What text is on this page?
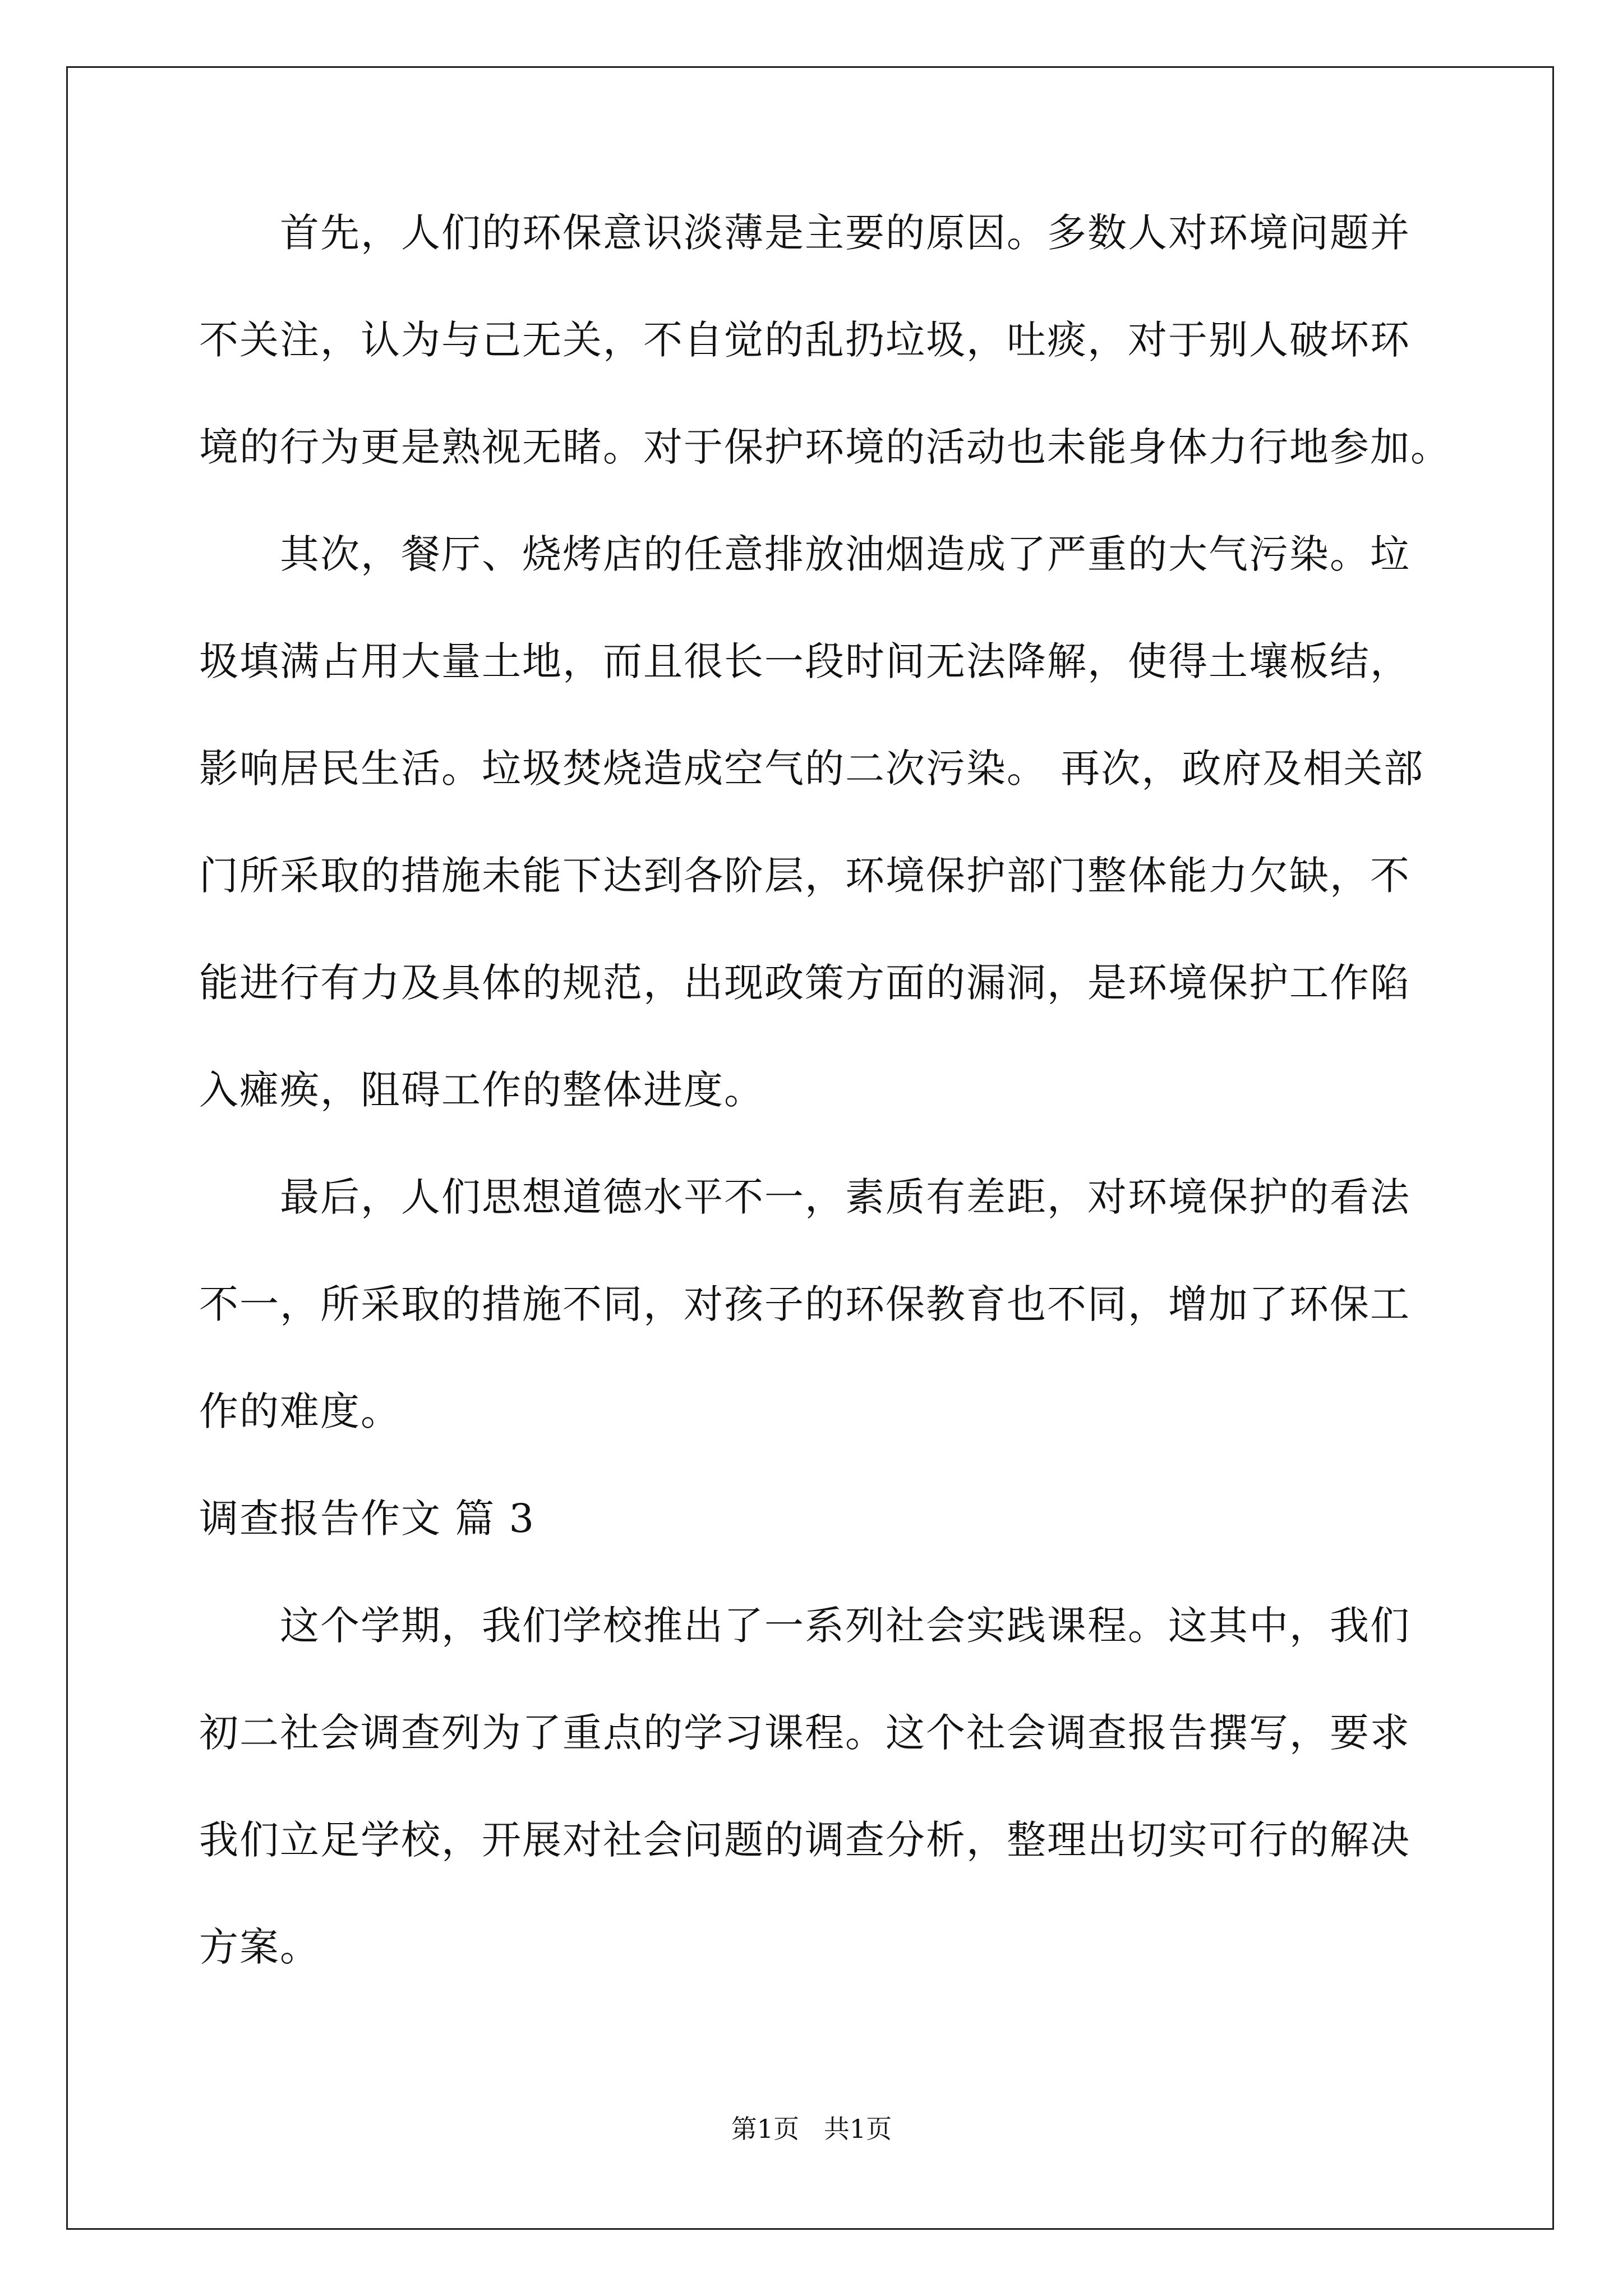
　　首先，人们的环保意识淡薄是主要的原因。多数人对环境问题并
不关注，认为与己无关，不自觉的乱扔垃圾，吐痰，对于别人破坏环
境的行为更是熟视无睹。对于保护环境的活动也未能身体力行地参加。
　　其次，餐厅、烧烤店的任意排放油烟造成了严重的大气污染。垃
圾填满占用大量土地，而且很长一段时间无法降解，使得土壤板结，
影响居民生活。垃圾焚烧造成空气的二次污染。 再次，政府及相关部
门所采取的措施未能下达到各阶层，环境保护部门整体能力欠缺，不
能进行有力及具体的规范，出现政策方面的漏洞，是环境保护工作陷
入瘫痪，阻碍工作的整体进度。
　　最后，人们思想道德水平不一，素质有差距，对环境保护的看法
不一，所采取的措施不同，对孩子的环保教育也不同，增加了环保工
作的难度。
调查报告作文 篇 3
　　这个学期，我们学校推出了一系列社会实践课程。这其中，我们
初二社会调查列为了重点的学习课程。这个社会调查报告撰写，要求
我们立足学校，开展对社会问题的调查分析，整理出切实可行的解决
方案。
第1页   共1页
